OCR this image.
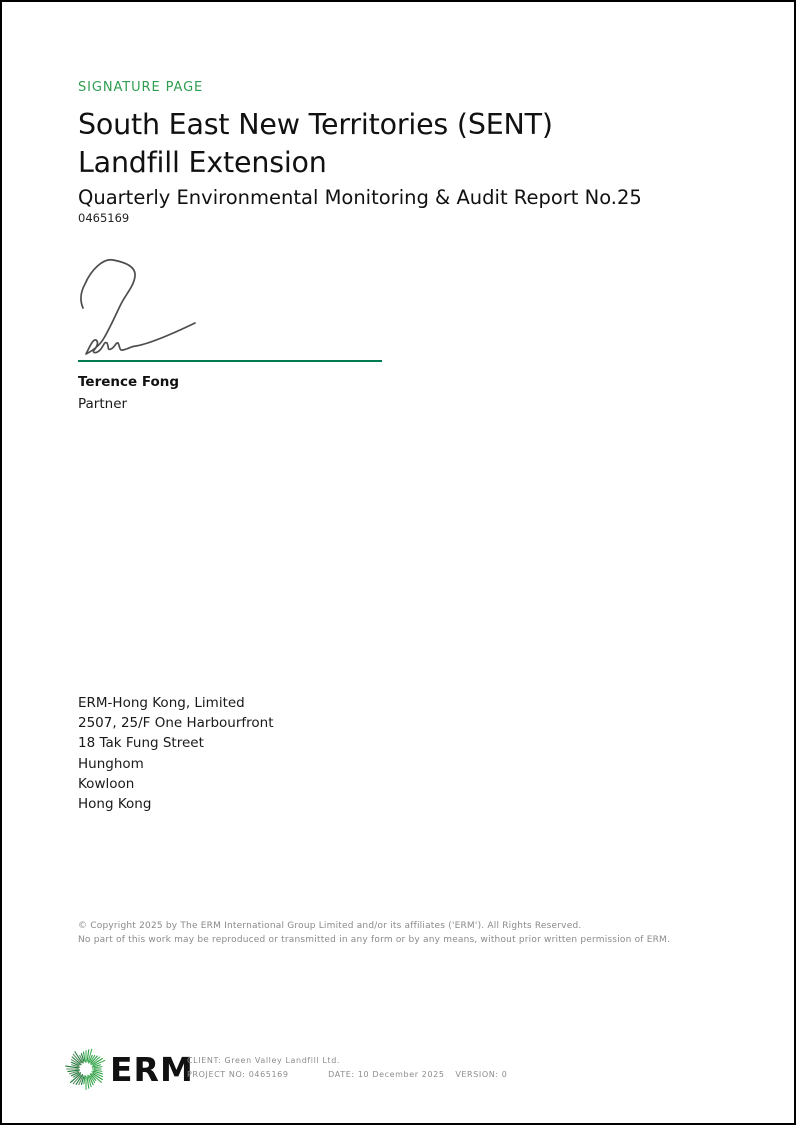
SIGNATURE PAGE
South East New Territories (SENT)
Landfill Extension
Quarterly Environmental Monitoring & Audit Report No.25
0465169
Terence Fong
Partner
ERM-Hong Kong, Limited
2507, 25/F One Harbourfront
18 Tak Fung Street
Hunghom
Kowloon
Hong Kong
© Copyright 2025 by The ERM International Group Limited and/or its affiliates ('ERM'). All Rights Reserved.
No part of this work may be reproduced or transmitted in any form or by any means, without prior written permission of ERM.
ERM
CLIENT: Green Valley Landfill Ltd.
PROJECT NO: 0465169	DATE: 10 December 2025 VERSION: 0
